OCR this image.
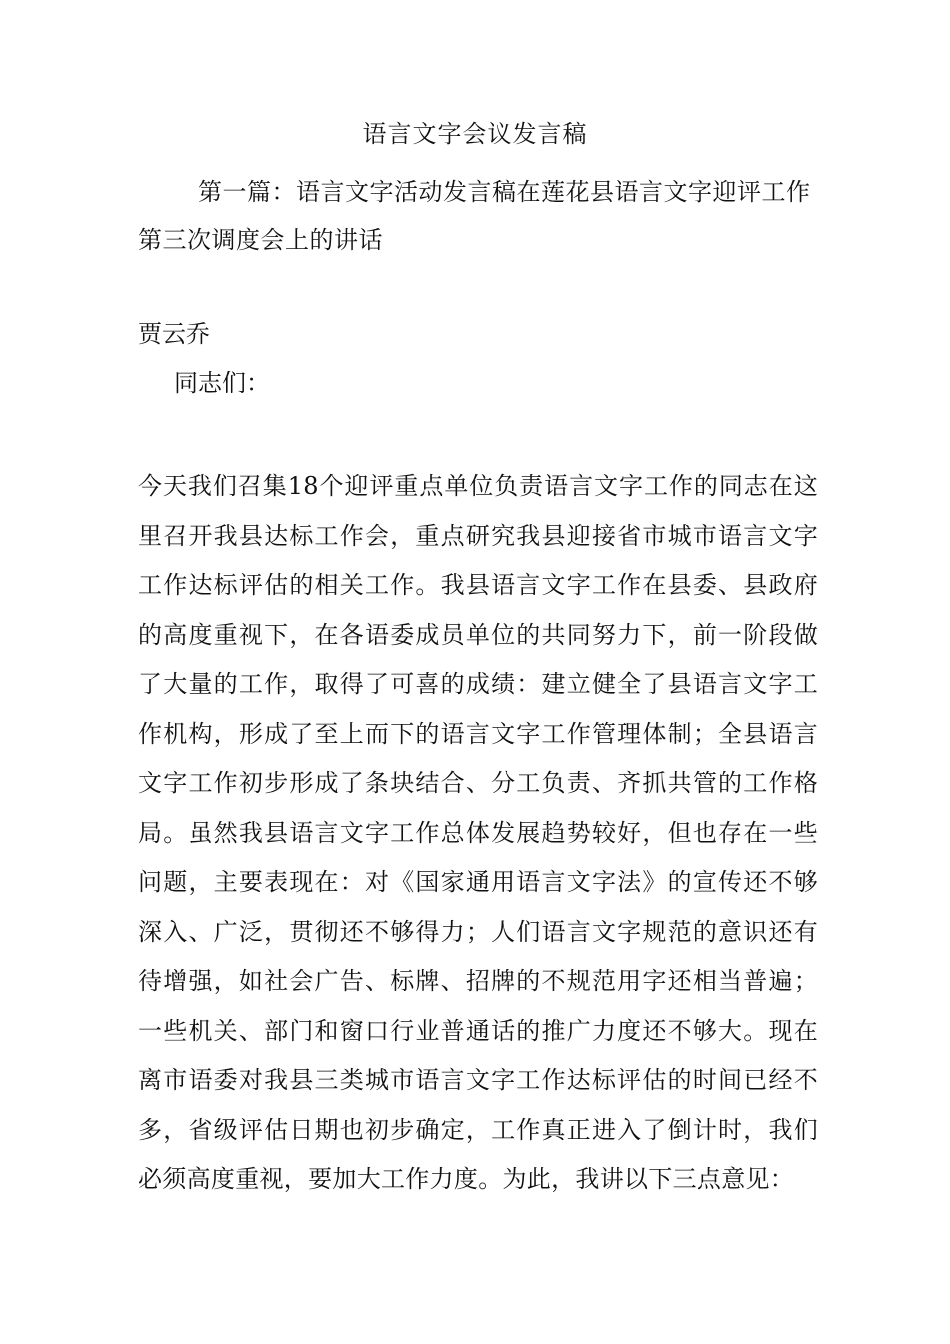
语言文字会议发言稿
第一篇：语言文字活动发言稿在莲花县语言文字迎评工作第三次调度会上的讲话
贾云乔
同志们：
今天我们召集18个迎评重点单位负责语言文字工作的同志在这里召开我县达标工作会，重点研究我县迎接省市城市语言文字工作达标评估的相关工作。我县语言文字工作在县委、县政府的高度重视下，在各语委成员单位的共同努力下，前一阶段做了大量的工作，取得了可喜的成绩：建立健全了县语言文字工作机构，形成了至上而下的语言文字工作管理体制；全县语言文字工作初步形成了条块结合、分工负责、齐抓共管的工作格局。虽然我县语言文字工作总体发展趋势较好，但也存在一些问题，主要表现在：对《国家通用语言文字法》的宣传还不够深入、广泛，贯彻还不够得力；人们语言文字规范的意识还有待增强，如社会广告、标牌、招牌的不规范用字还相当普遍；一些机关、部门和窗口行业普通话的推广力度还不够大。现在离市语委对我县三类城市语言文字工作达标评估的时间已经不多，省级评估日期也初步确定，工作真正进入了倒计时，我们必须高度重视，要加大工作力度。为此，我讲以下三点意见：
